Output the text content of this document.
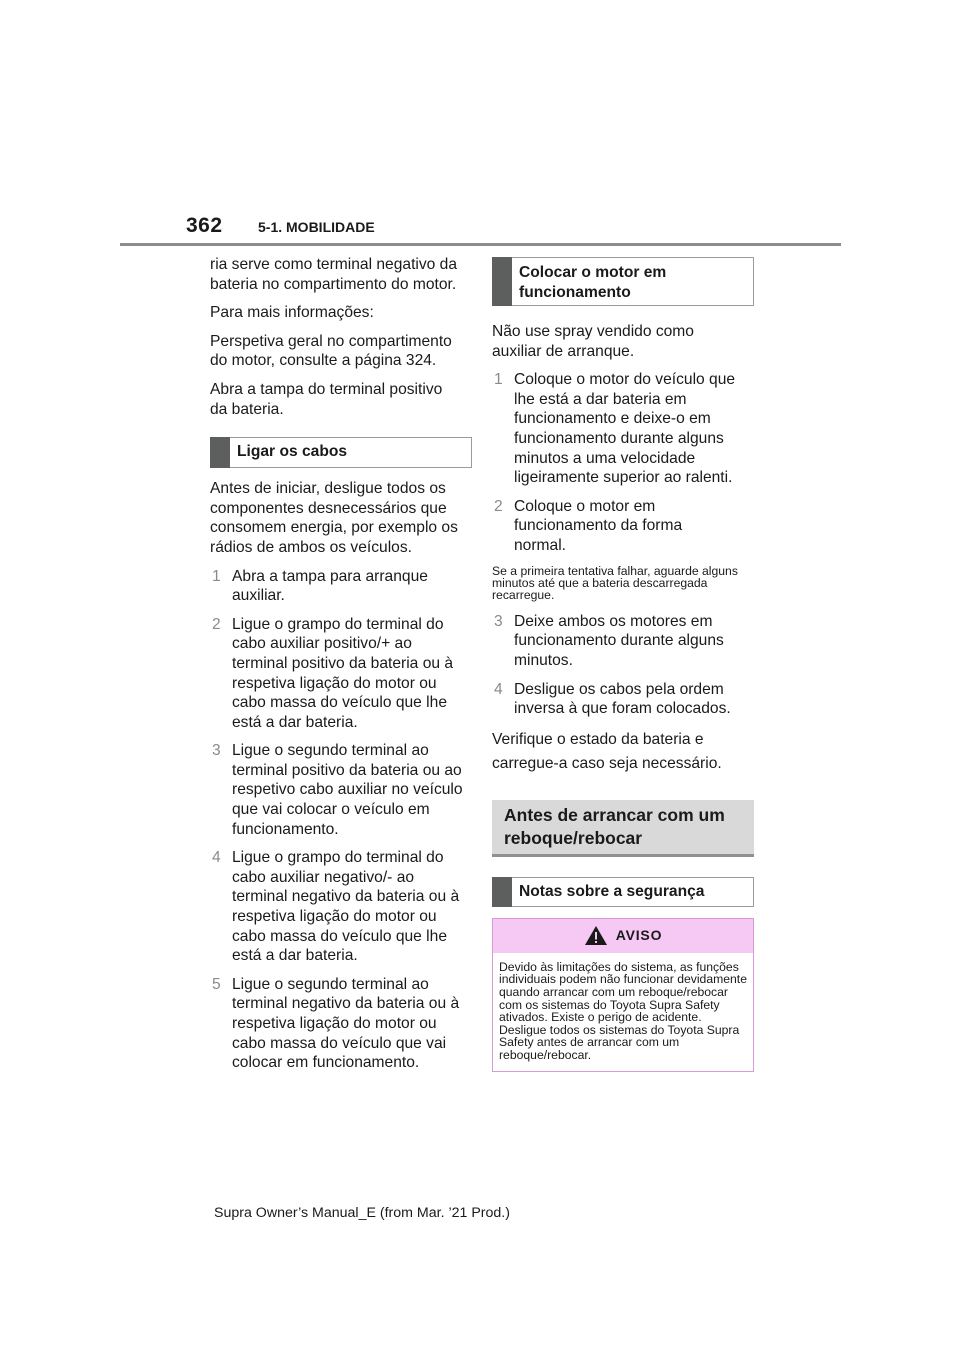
362	5-1. MOBILIDADE

ria serve como terminal negativo da bateria no compartimento do motor.

Para mais informações:

Perspetiva geral no compartimento do motor, consulte a página 324.

Abra a tampa do terminal positivo da bateria.

Ligar os cabos

Antes de iniciar, desligue todos os componentes desnecessários que consomem energia, por exemplo os rádios de ambos os veículos.

1 Abra a tampa para arranque auxiliar.
2 Ligue o grampo do terminal do cabo auxiliar positivo/+ ao terminal positivo da bateria ou à respetiva ligação do motor ou cabo massa do veículo que lhe está a dar bateria.
3 Ligue o segundo terminal ao terminal positivo da bateria ou ao respetivo cabo auxiliar no veículo que vai colocar o veículo em funcionamento.
4 Ligue o grampo do terminal do cabo auxiliar negativo/- ao terminal negativo da bateria ou à respetiva ligação do motor ou cabo massa do veículo que lhe está a dar bateria.
5 Ligue o segundo terminal ao terminal negativo da bateria ou à respetiva ligação do motor ou cabo massa do veículo que vai colocar em funcionamento.
Colocar o motor em funcionamento

Não use spray vendido como auxiliar de arranque.

1 Coloque o motor do veículo que lhe está a dar bateria em funcionamento e deixe-o em funcionamento durante alguns minutos a uma velocidade ligeiramente superior ao ralenti.
2 Coloque o motor em funcionamento da forma normal.

Se a primeira tentativa falhar, aguarde alguns minutos até que a bateria descarregada recarregue.

3 Deixe ambos os motores em funcionamento durante alguns minutos.
4 Desligue os cabos pela ordem inversa à que foram colocados.

Verifique o estado da bateria e carregue-a caso seja necessário.

Antes de arrancar com um reboque/rebocar
Notas sobre a segurança
AVISO
Devido às limitações do sistema, as funções individuais podem não funcionar devidamente quando arrancar com um reboque/rebocar com os sistemas do Toyota Supra Safety ativados. Existe o perigo de acidente. Desligue todos os sistemas do Toyota Supra Safety antes de arrancar com um reboque/rebocar.
Supra Owner’s Manual_E (from Mar. ’21 Prod.)
